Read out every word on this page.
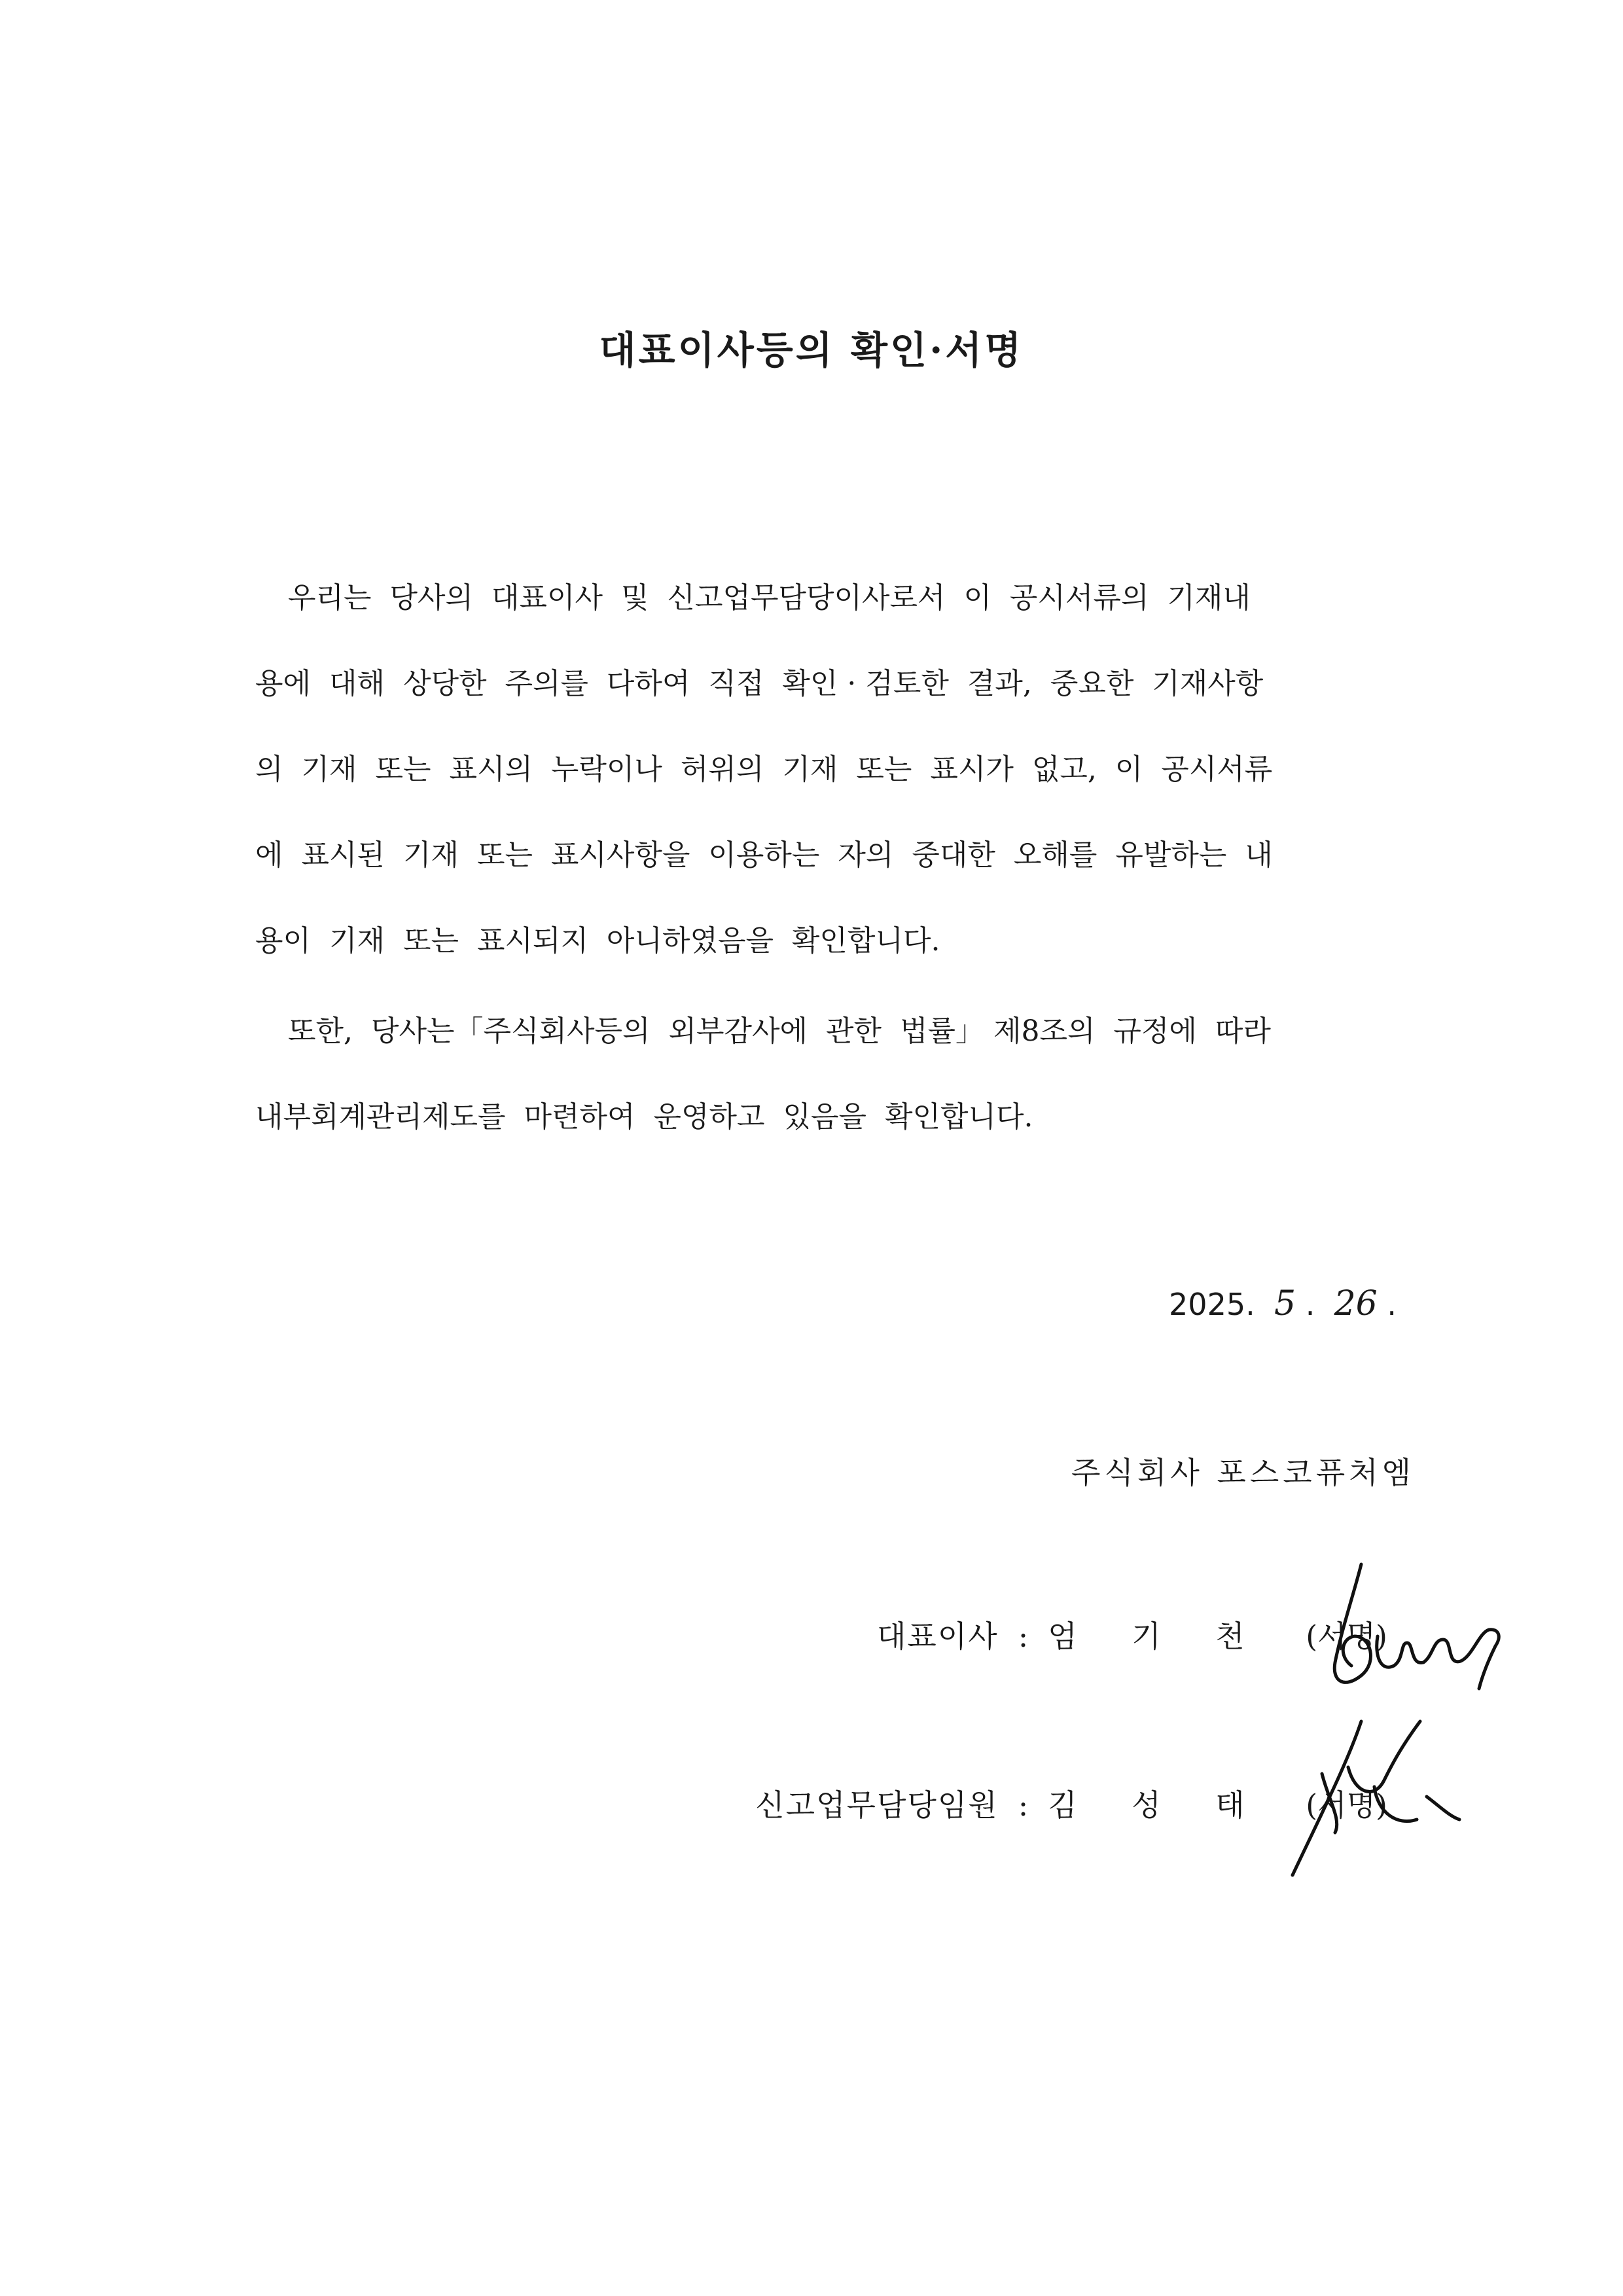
대표이사등의 확인·서명
우리는  당사의  대표이사  및  신고업무담당이사로서  이  공시서류의  기재내
용에  대해  상당한  주의를  다하여  직접  확인 · 검토한  결과,  중요한  기재사항
의  기재  또는  표시의  누락이나  허위의  기재  또는  표시가  없고,  이  공시서류
에  표시된  기재  또는  표시사항을  이용하는  자의  중대한  오해를  유발하는  내
용이  기재  또는  표시되지  아니하였음을  확인합니다.
또한,  당사는「주식회사등의  외부감사에  관한  법률」 제8조의  규정에  따라
내부회계관리제도를  마련하여  운영하고  있음을  확인합니다.
2025. 5 . 26 .
주식회사 포스코퓨처엠
대표이사 : 엄 기 천 (서명)
신고업무담당임원 : 김 성 태 (서명)
